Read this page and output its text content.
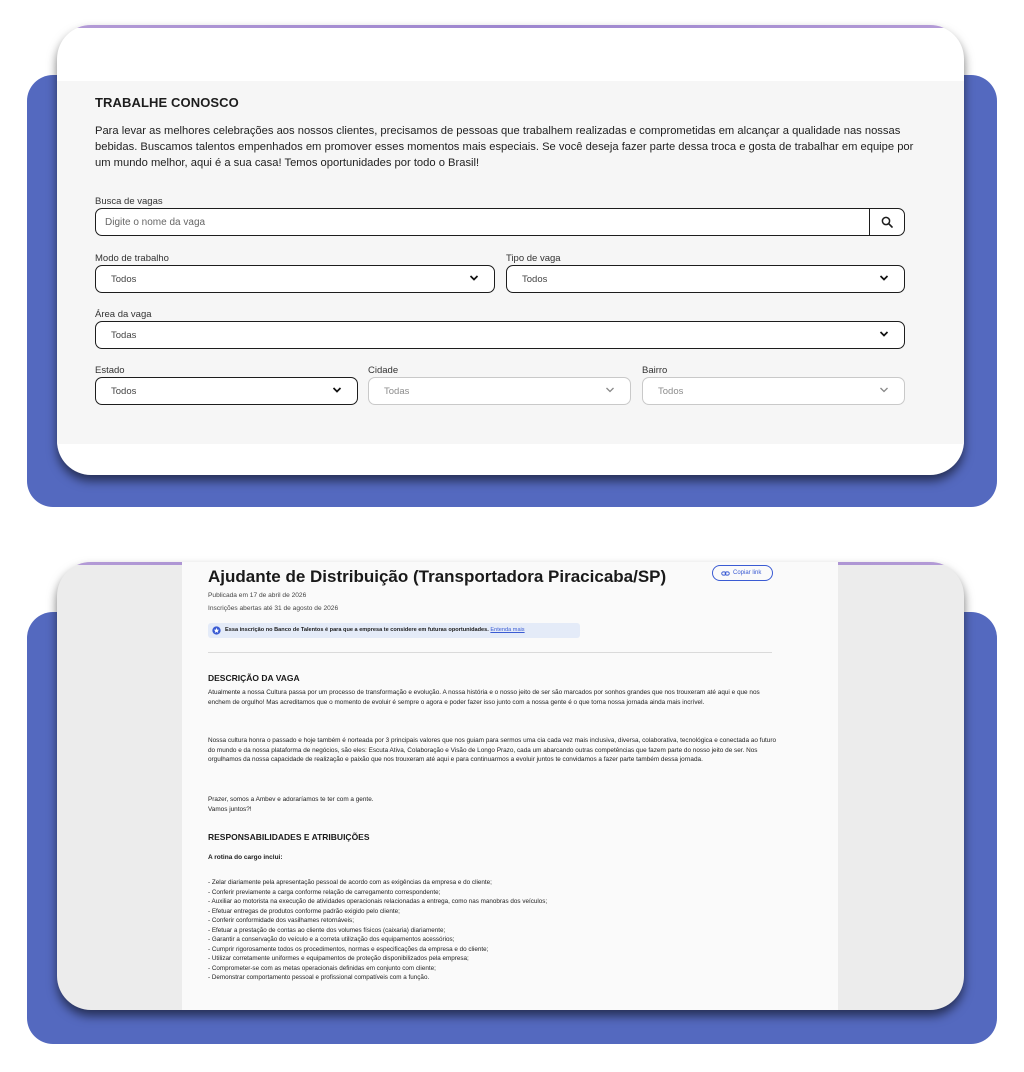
TRABALHE CONOSCO

Para levar as melhores celebrações aos nossos clientes, precisamos de pessoas que trabalhem realizadas e comprometidas em alcançar a qualidade nas nossas bebidas. Buscamos talentos empenhados em promover esses momentos mais especiais. Se você deseja fazer parte dessa troca e gosta de trabalhar em equipe por um mundo melhor, aqui é a sua casa! Temos oportunidades por todo o Brasil!

Busca de vagas
Digite o nome da vaga
Modo de trabalho
Todos
Tipo de vaga
Todos
Área da vaga
Todas
Estado
Todos
Cidade
Todas
Bairro
Todos
Ajudante de Distribuição (Transportadora Piracicaba/SP)	Copiar link
Publicada em 17 de abril de 2026
Inscrições abertas até 31 de agosto de 2026
Essa inscrição no Banco de Talentos é para que a empresa te considere em futuras oportunidades. Entenda mais
DESCRIÇÃO DA VAGA

Atualmente a nossa Cultura passa por um processo de transformação e evolução. A nossa história e o nosso jeito de ser são marcados por sonhos grandes que nos trouxeram até aqui e que nos enchem de orgulho! Mas acreditamos que o momento de evoluir é sempre o agora e poder fazer isso junto com a nossa gente é o que torna nossa jornada ainda mais incrível.

Nossa cultura honra o passado e hoje também é norteada por 3 principais valores que nos guiam para sermos uma cia cada vez mais inclusiva, diversa, colaborativa, tecnológica e conectada ao futuro do mundo e da nossa plataforma de negócios, são eles: Escuta Ativa, Colaboração e Visão de Longo Prazo, cada um abarcando outras competências que fazem parte do nosso jeito de ser. Nos orgulhamos da nossa capacidade de realização e paixão que nos trouxeram até aqui e para continuarmos a evoluir juntos te convidamos a fazer parte também dessa jornada.

Prazer, somos a Ambev e adoraríamos te ter com a gente.

Vamos juntos?!

RESPONSABILIDADES E ATRIBUIÇÕES
A rotina do cargo inclui:
- Zelar diariamente pela apresentação pessoal de acordo com as exigências da empresa e do cliente;
- Conferir previamente a carga conforme relação de carregamento correspondente;
- Auxiliar ao motorista na execução de atividades operacionais relacionadas a entrega, como nas manobras dos veículos;
- Efetuar entregas de produtos conforme padrão exigido pelo cliente;
- Conferir conformidade dos vasilhames retornáveis;
- Efetuar a prestação de contas ao cliente dos volumes físicos (caixaria) diariamente;
- Garantir a conservação do veículo e a correta utilização dos equipamentos acessórios;
- Cumprir rigorosamente todos os procedimentos, normas e especificações da empresa e do cliente;
- Utilizar corretamente uniformes e equipamentos de proteção disponibilizados pela empresa;
- Comprometer-se com as metas operacionais definidas em conjunto com cliente;
- Demonstrar comportamento pessoal e profissional compatíveis com a função.
